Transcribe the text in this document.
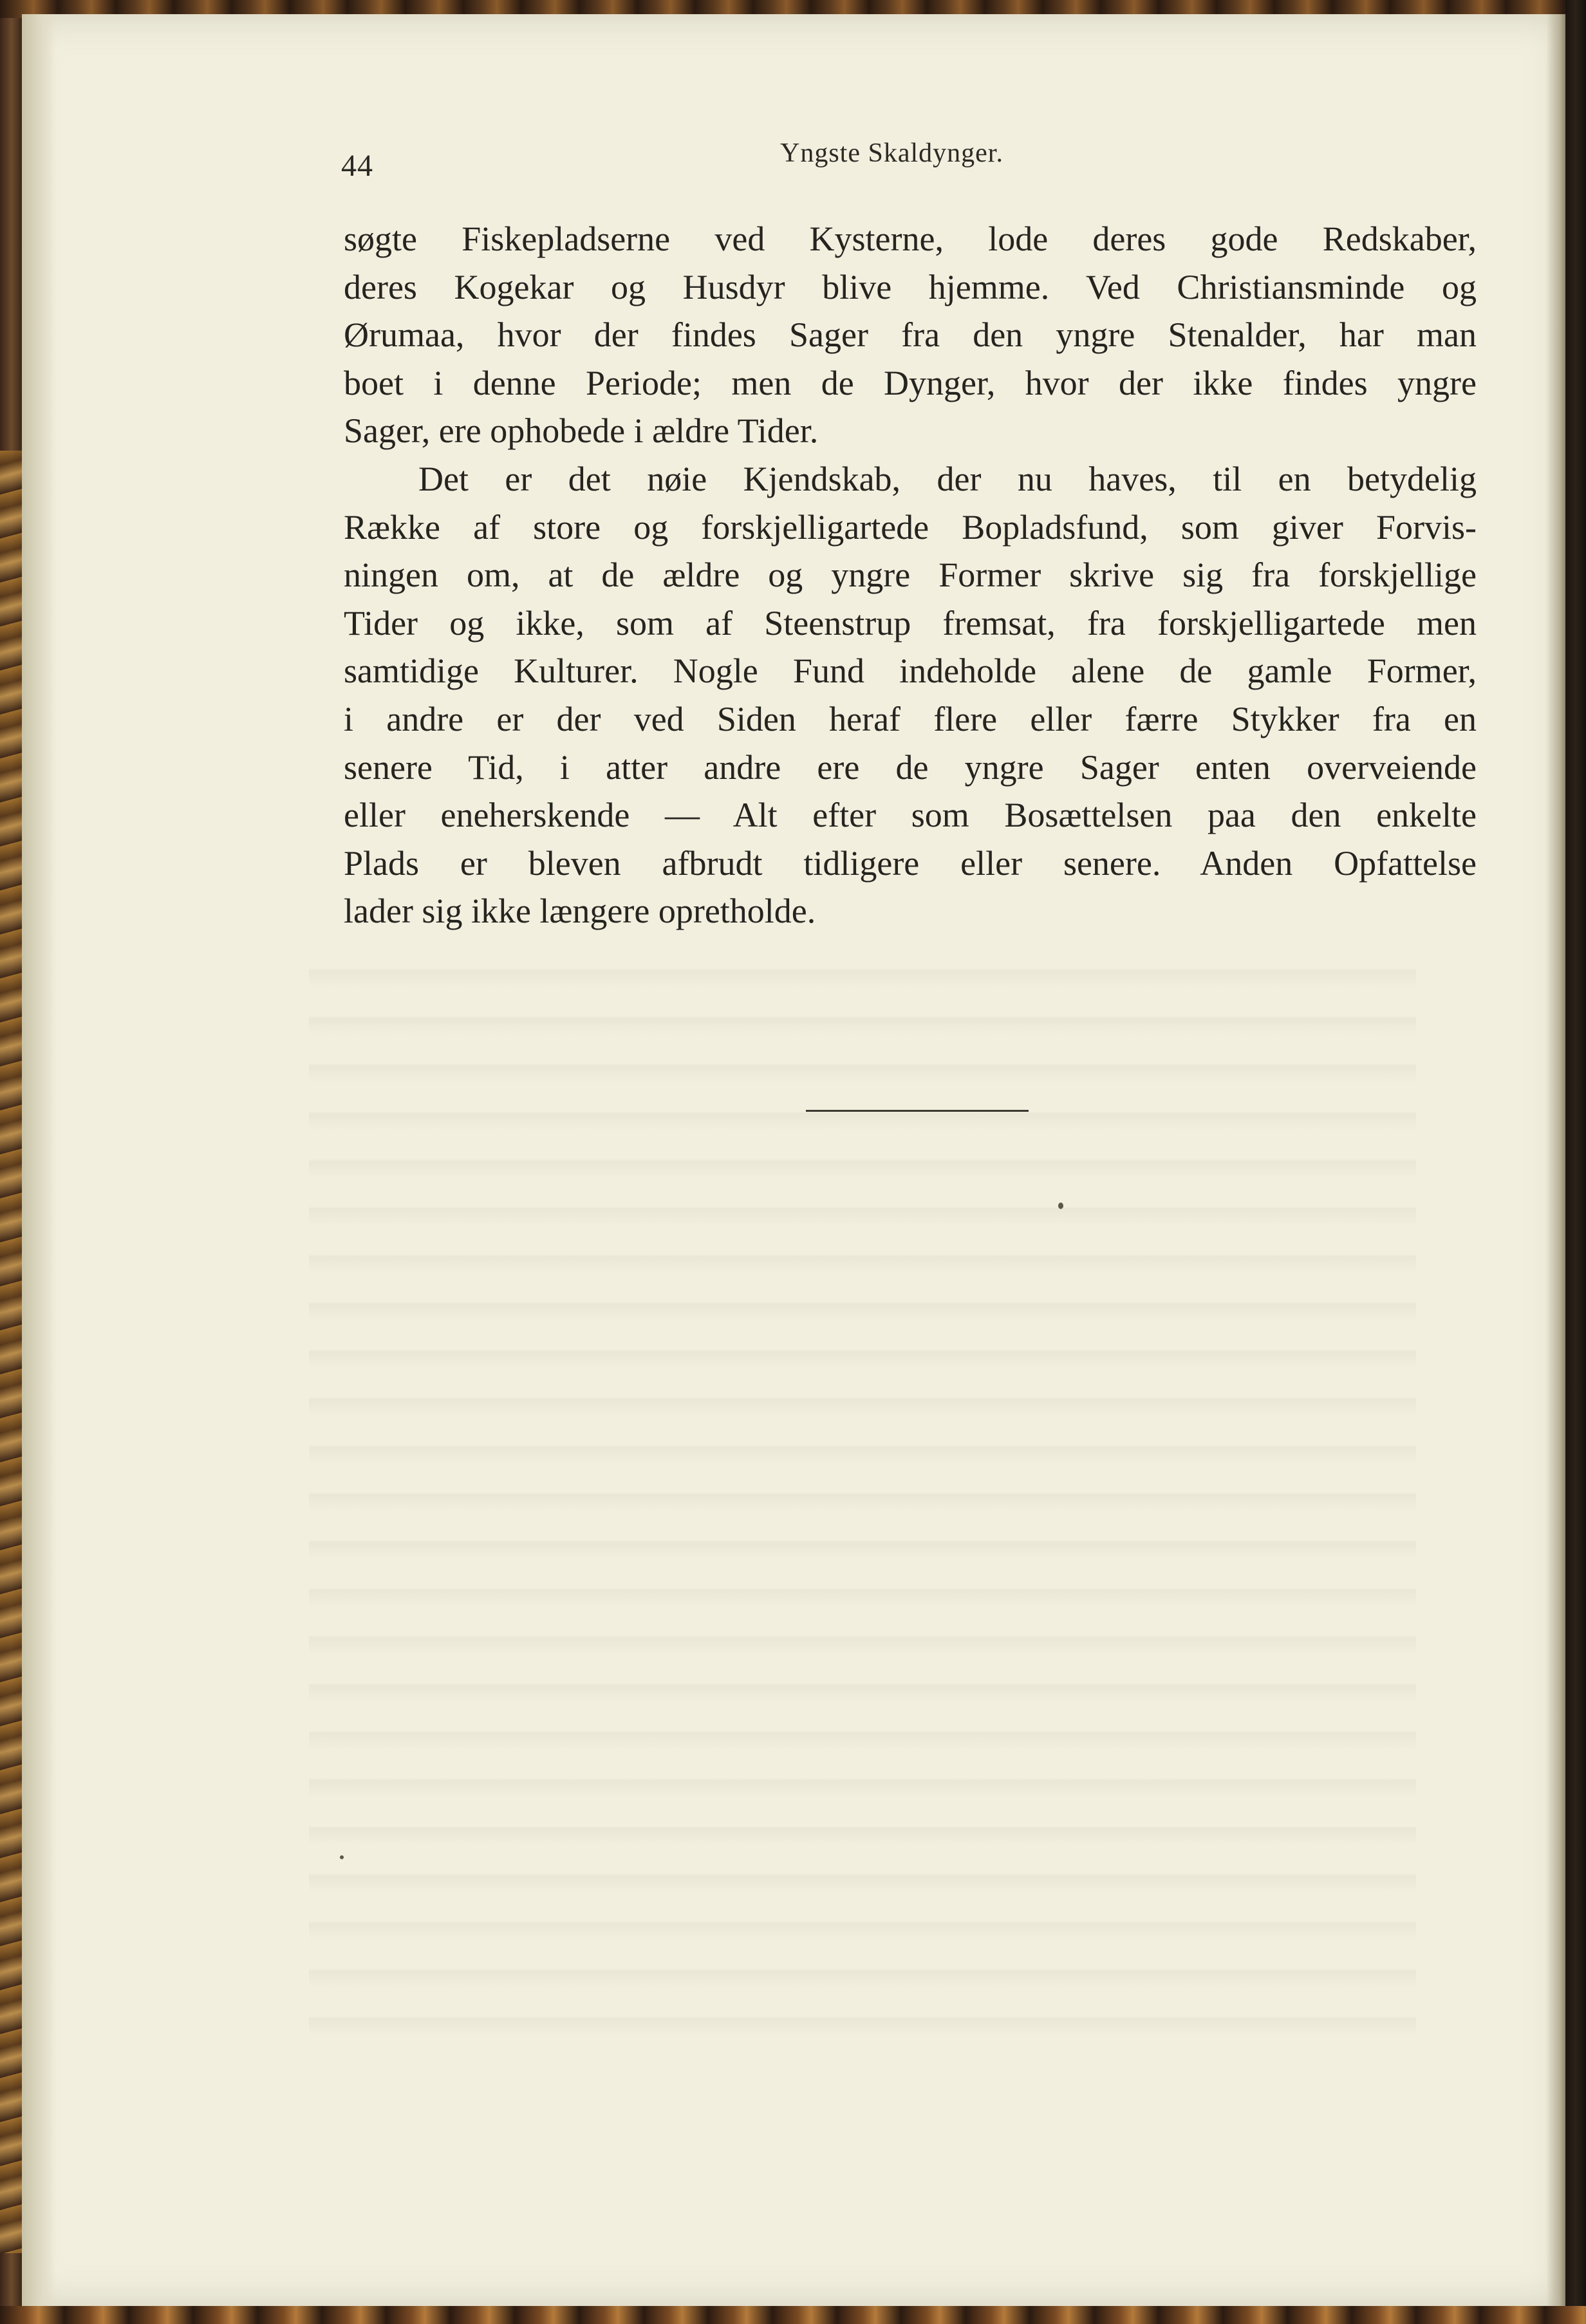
44	Yngste Skaldynger.
søgte Fiskepladserne ved Kysterne, lode deres gode Redskaber,
deres Kogekar og Husdyr blive hjemme. Ved Christiansminde og
Ørumaa, hvor der findes Sager fra den yngre Stenalder, har man
boet i denne Periode; men de Dynger, hvor der ikke findes yngre
Sager, ere ophobede i ældre Tider.
Det er det nøie Kjendskab, der nu haves, til en betydelig
Række af store og forskjelligartede Bopladsfund, som giver Forvis-
ningen om, at de ældre og yngre Former skrive sig fra forskjellige
Tider og ikke, som af Steenstrup fremsat, fra forskjelligartede men
samtidige Kulturer. Nogle Fund indeholde alene de gamle Former,
i andre er der ved Siden heraf flere eller færre Stykker fra en
senere Tid, i atter andre ere de yngre Sager enten overveiende
eller eneherskende — Alt efter som Bosættelsen paa den enkelte
Plads er bleven afbrudt tidligere eller senere. Anden Opfattelse
lader sig ikke længere opretholde.
